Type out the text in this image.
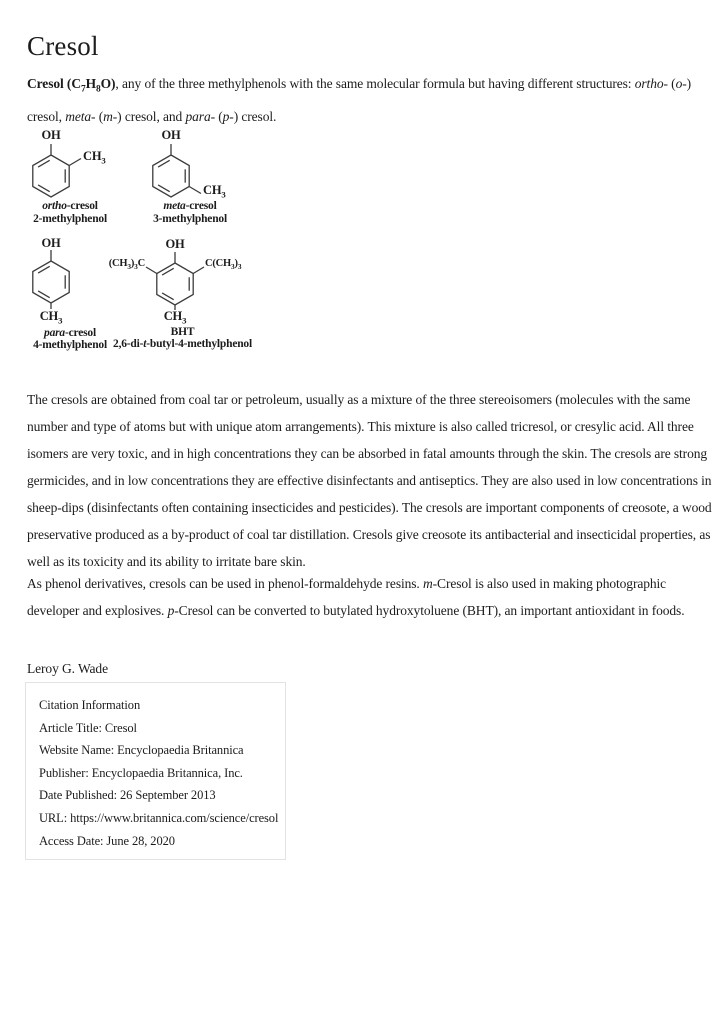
Cresol

Cresol $(C_7H_8O)$, any of the three methylphenols with the same molecular formula but having different structures: ortho- (o-) cresol, meta- (m-) cresol, and para- (p-) cresol.

OH
$CH_3$
ortho-cresol
2-methylphenol
OH
$CH_3$
meta-cresol
3-methylphenol
OH
$CH_3$
para-cresol
4-methylphenol
OH
$(CH_3)_3C$	$C(CH_3)_3$
$CH_3$
BHT
2,6-di-t-butyl-4-methylphenol

The cresols are obtained from coal tar or petroleum, usually as a mixture of the three stereoisomers (molecules with the same number and type of atoms but with unique atom arrangements). This mixture is also called tricresol, or cresylic acid. All three isomers are very toxic, and in high concentrations they can be absorbed in fatal amounts through the skin. The cresols are strong germicides, and in low concentrations they are effective disinfectants and antiseptics. They are also used in low concentrations in sheep-dips (disinfectants often containing insecticides and pesticides). The cresols are important components of creosote, a wood preservative produced as a by-product of coal tar distillation. Cresols give creosote its antibacterial and insecticidal properties, as well as its toxicity and its ability to irritate bare skin.

As phenol derivatives, cresols can be used in phenol-formaldehyde resins. m-Cresol is also used in making photographic developer and explosives. p-Cresol can be converted to butylated hydroxytoluene (BHT), an important antioxidant in foods.

Leroy G. Wade

Citation Information
Article Title: Cresol
Website Name: Encyclopaedia Britannica
Publisher: Encyclopaedia Britannica, Inc.
Date Published: 26 September 2013
URL: https://www.britannica.com/science/cresol
Access Date: June 28, 2020
